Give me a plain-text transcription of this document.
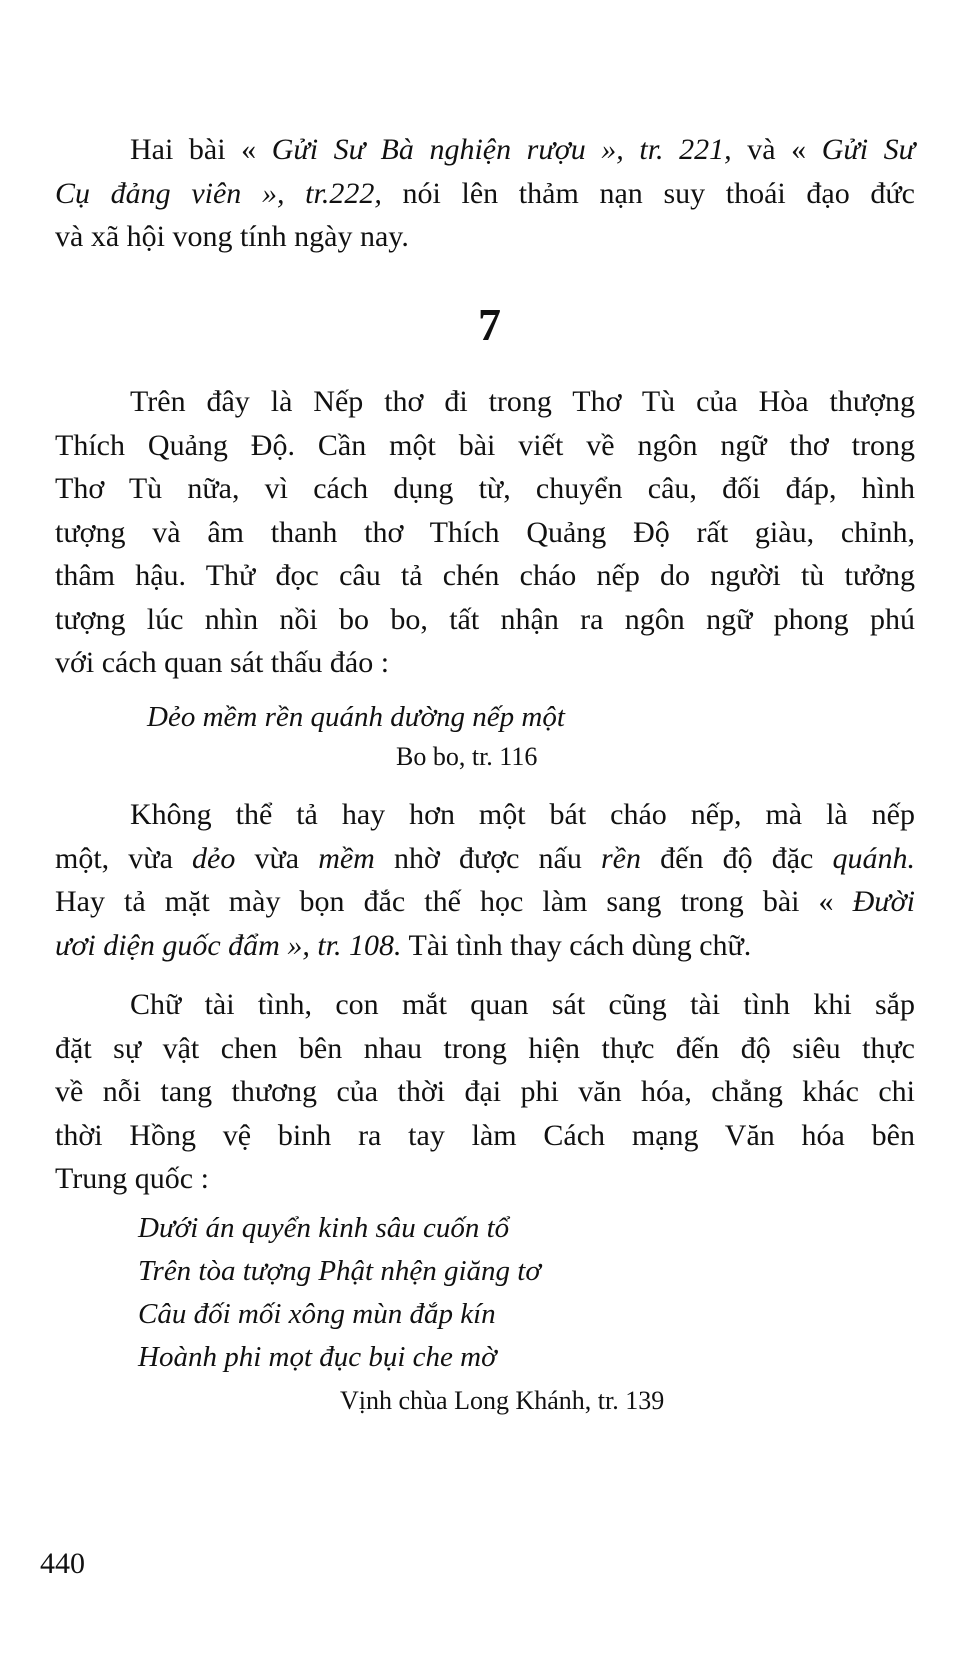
Hai bài « Gửi Sư Bà nghiện rượu », tr. 221, và « Gửi Sư
Cụ đảng viên », tr.222, nói lên thảm nạn suy thoái đạo đức
và xã hội vong tính ngày nay.
7
Trên đây là Nếp thơ đi trong Thơ Tù của Hòa thượng
Thích Quảng Độ. Cần một bài viết về ngôn ngữ thơ trong
Thơ Tù nữa, vì cách dụng từ, chuyển câu, đối đáp, hình
tượng và âm thanh thơ Thích Quảng Độ rất giàu, chỉnh,
thâm hậu. Thử đọc câu tả chén cháo nếp do người tù tưởng
tượng lúc nhìn nồi bo bo, tất nhận ra ngôn ngữ phong phú
với cách quan sát thấu đáo :
Dẻo mềm rền quánh dường nếp một
Bo bo, tr. 116
Không thể tả hay hơn một bát cháo nếp, mà là nếp
một, vừa dẻo vừa mềm nhờ được nấu rền đến độ đặc quánh.
Hay tả mặt mày bọn đắc thế học làm sang trong bài « Đười
ươi diện guốc đẩm », tr. 108. Tài tình thay cách dùng chữ.
Chữ tài tình, con mắt quan sát cũng tài tình khi sắp
đặt sự vật chen bên nhau trong hiện thực đến độ siêu thực
về nỗi tang thương của thời đại phi văn hóa, chẳng khác chi
thời Hồng vệ binh ra tay làm Cách mạng Văn hóa bên
Trung quốc :
Dưới án quyển kinh sâu cuốn tổ
Trên tòa tượng Phật nhện giăng tơ
Câu đối mối xông mùn đắp kín
Hoành phi mọt đục bụi che mờ
Vịnh chùa Long Khánh, tr. 139
440
